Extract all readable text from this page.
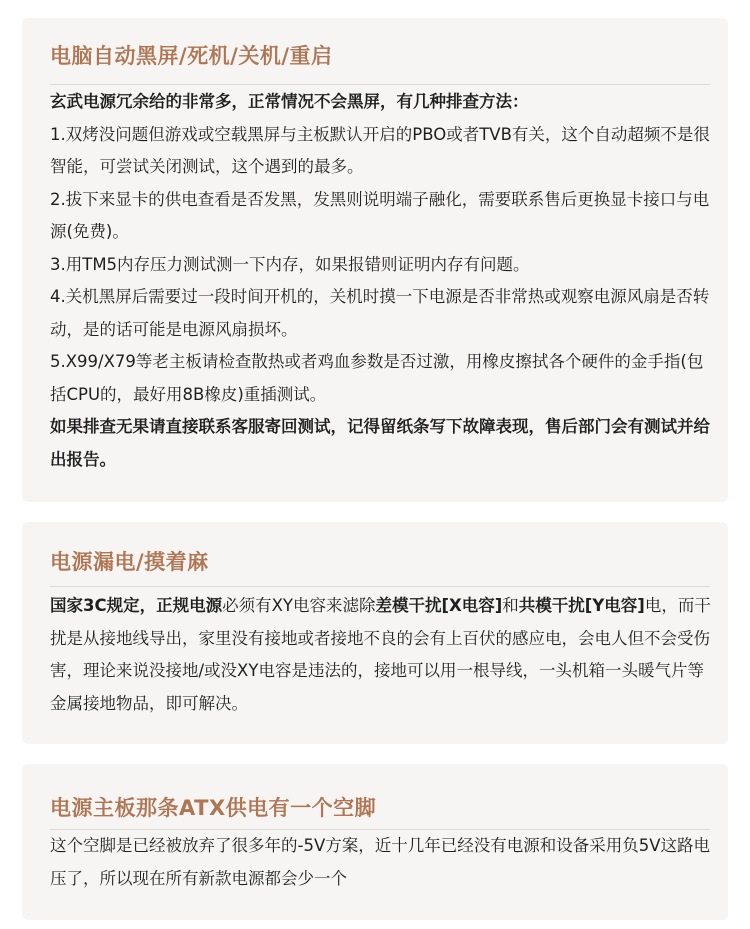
电脑自动黑屏/死机/关机/重启

玄武电源冗余给的非常多，正常情况不会黑屏，有几种排查方法：

1.双烤没问题但游戏或空载黑屏与主板默认开启的PBO或者TVB有关，这个自动超频不是很智能，可尝试关闭测试，这个遇到的最多。

2.拔下来显卡的供电查看是否发黑，发黑则说明端子融化，需要联系售后更换显卡接口与电源(免费)。

3.用TM5内存压力测试测一下内存，如果报错则证明内存有问题。

4.关机黑屏后需要过一段时间开机的，关机时摸一下电源是否非常热或观察电源风扇是否转动，是的话可能是电源风扇损坏。

5.X99/X79等老主板请检查散热或者鸡血参数是否过激，用橡皮擦拭各个硬件的金手指(包括CPU的，最好用8B橡皮)重插测试。

如果排查无果请直接联系客服寄回测试，记得留纸条写下故障表现，售后部门会有测试并给出报告。

电源漏电/摸着麻

国家3C规定，正规电源必须有XY电容来滤除差模干扰[X电容]和共模干扰[Y电容]电，而干扰是从接地线导出，家里没有接地或者接地不良的会有上百伏的感应电，会电人但不会受伤害，理论来说没接地/或没XY电容是违法的，接地可以用一根导线，一头机箱一头暖气片等金属接地物品，即可解决。

电源主板那条ATX供电有一个空脚

这个空脚是已经被放弃了很多年的-5V方案，近十几年已经没有电源和设备采用负5V这路电压了，所以现在所有新款电源都会少一个
